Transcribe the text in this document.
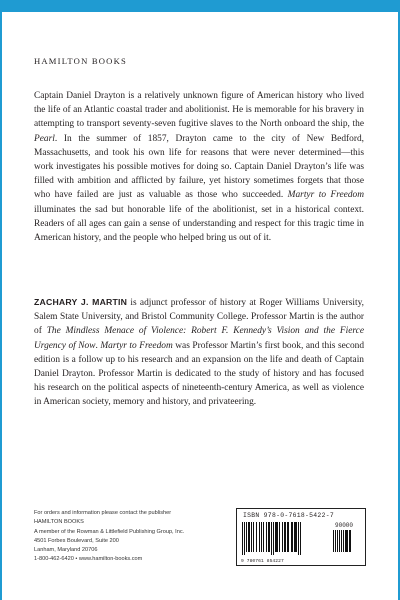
HAMILTON BOOKS

Captain Daniel Drayton is a relatively unknown figure of American history who lived the life of an Atlantic coastal trader and abolitionist. He is memorable for his bravery in attempting to transport seventy-seven fugitive slaves to the North onboard the ship, the Pearl. In the summer of 1857, Drayton came to the city of New Bedford, Massachusetts, and took his own life for reasons that were never determined—this work investigates his possible motives for doing so. Captain Daniel Drayton’s life was filled with ambition and afflicted by failure, yet history sometimes forgets that those who have failed are just as valuable as those who succeeded. Martyr to Freedom illuminates the sad but honorable life of the abolitionist, set in a historical context. Readers of all ages can gain a sense of understanding and respect for this tragic time in American history, and the people who helped bring us out of it.

ZACHARY J. MARTIN is adjunct professor of history at Roger Williams University, Salem State University, and Bristol Community College. Professor Martin is the author of The Mindless Menace of Violence: Robert F. Kennedy’s Vision and the Fierce Urgency of Now. Martyr to Freedom was Professor Martin’s first book, and this second edition is a follow up to his research and an expansion on the life and death of Captain Daniel Drayton. Professor Martin is dedicated to the study of history and has focused his research on the political aspects of nineteenth-century America, as well as violence in American society, memory and history, and privateering.

For orders and information please contact the publisher
HAMILTON BOOKS
A member of the Rowman & Littlefield Publishing Group, Inc.
4501 Forbes Boulevard, Suite 200
Lanham, Maryland 20706
1-800-462-6420 • www.hamilton-books.com
ISBN 978-0-7618-5422-7
90000
9 780761 854227
